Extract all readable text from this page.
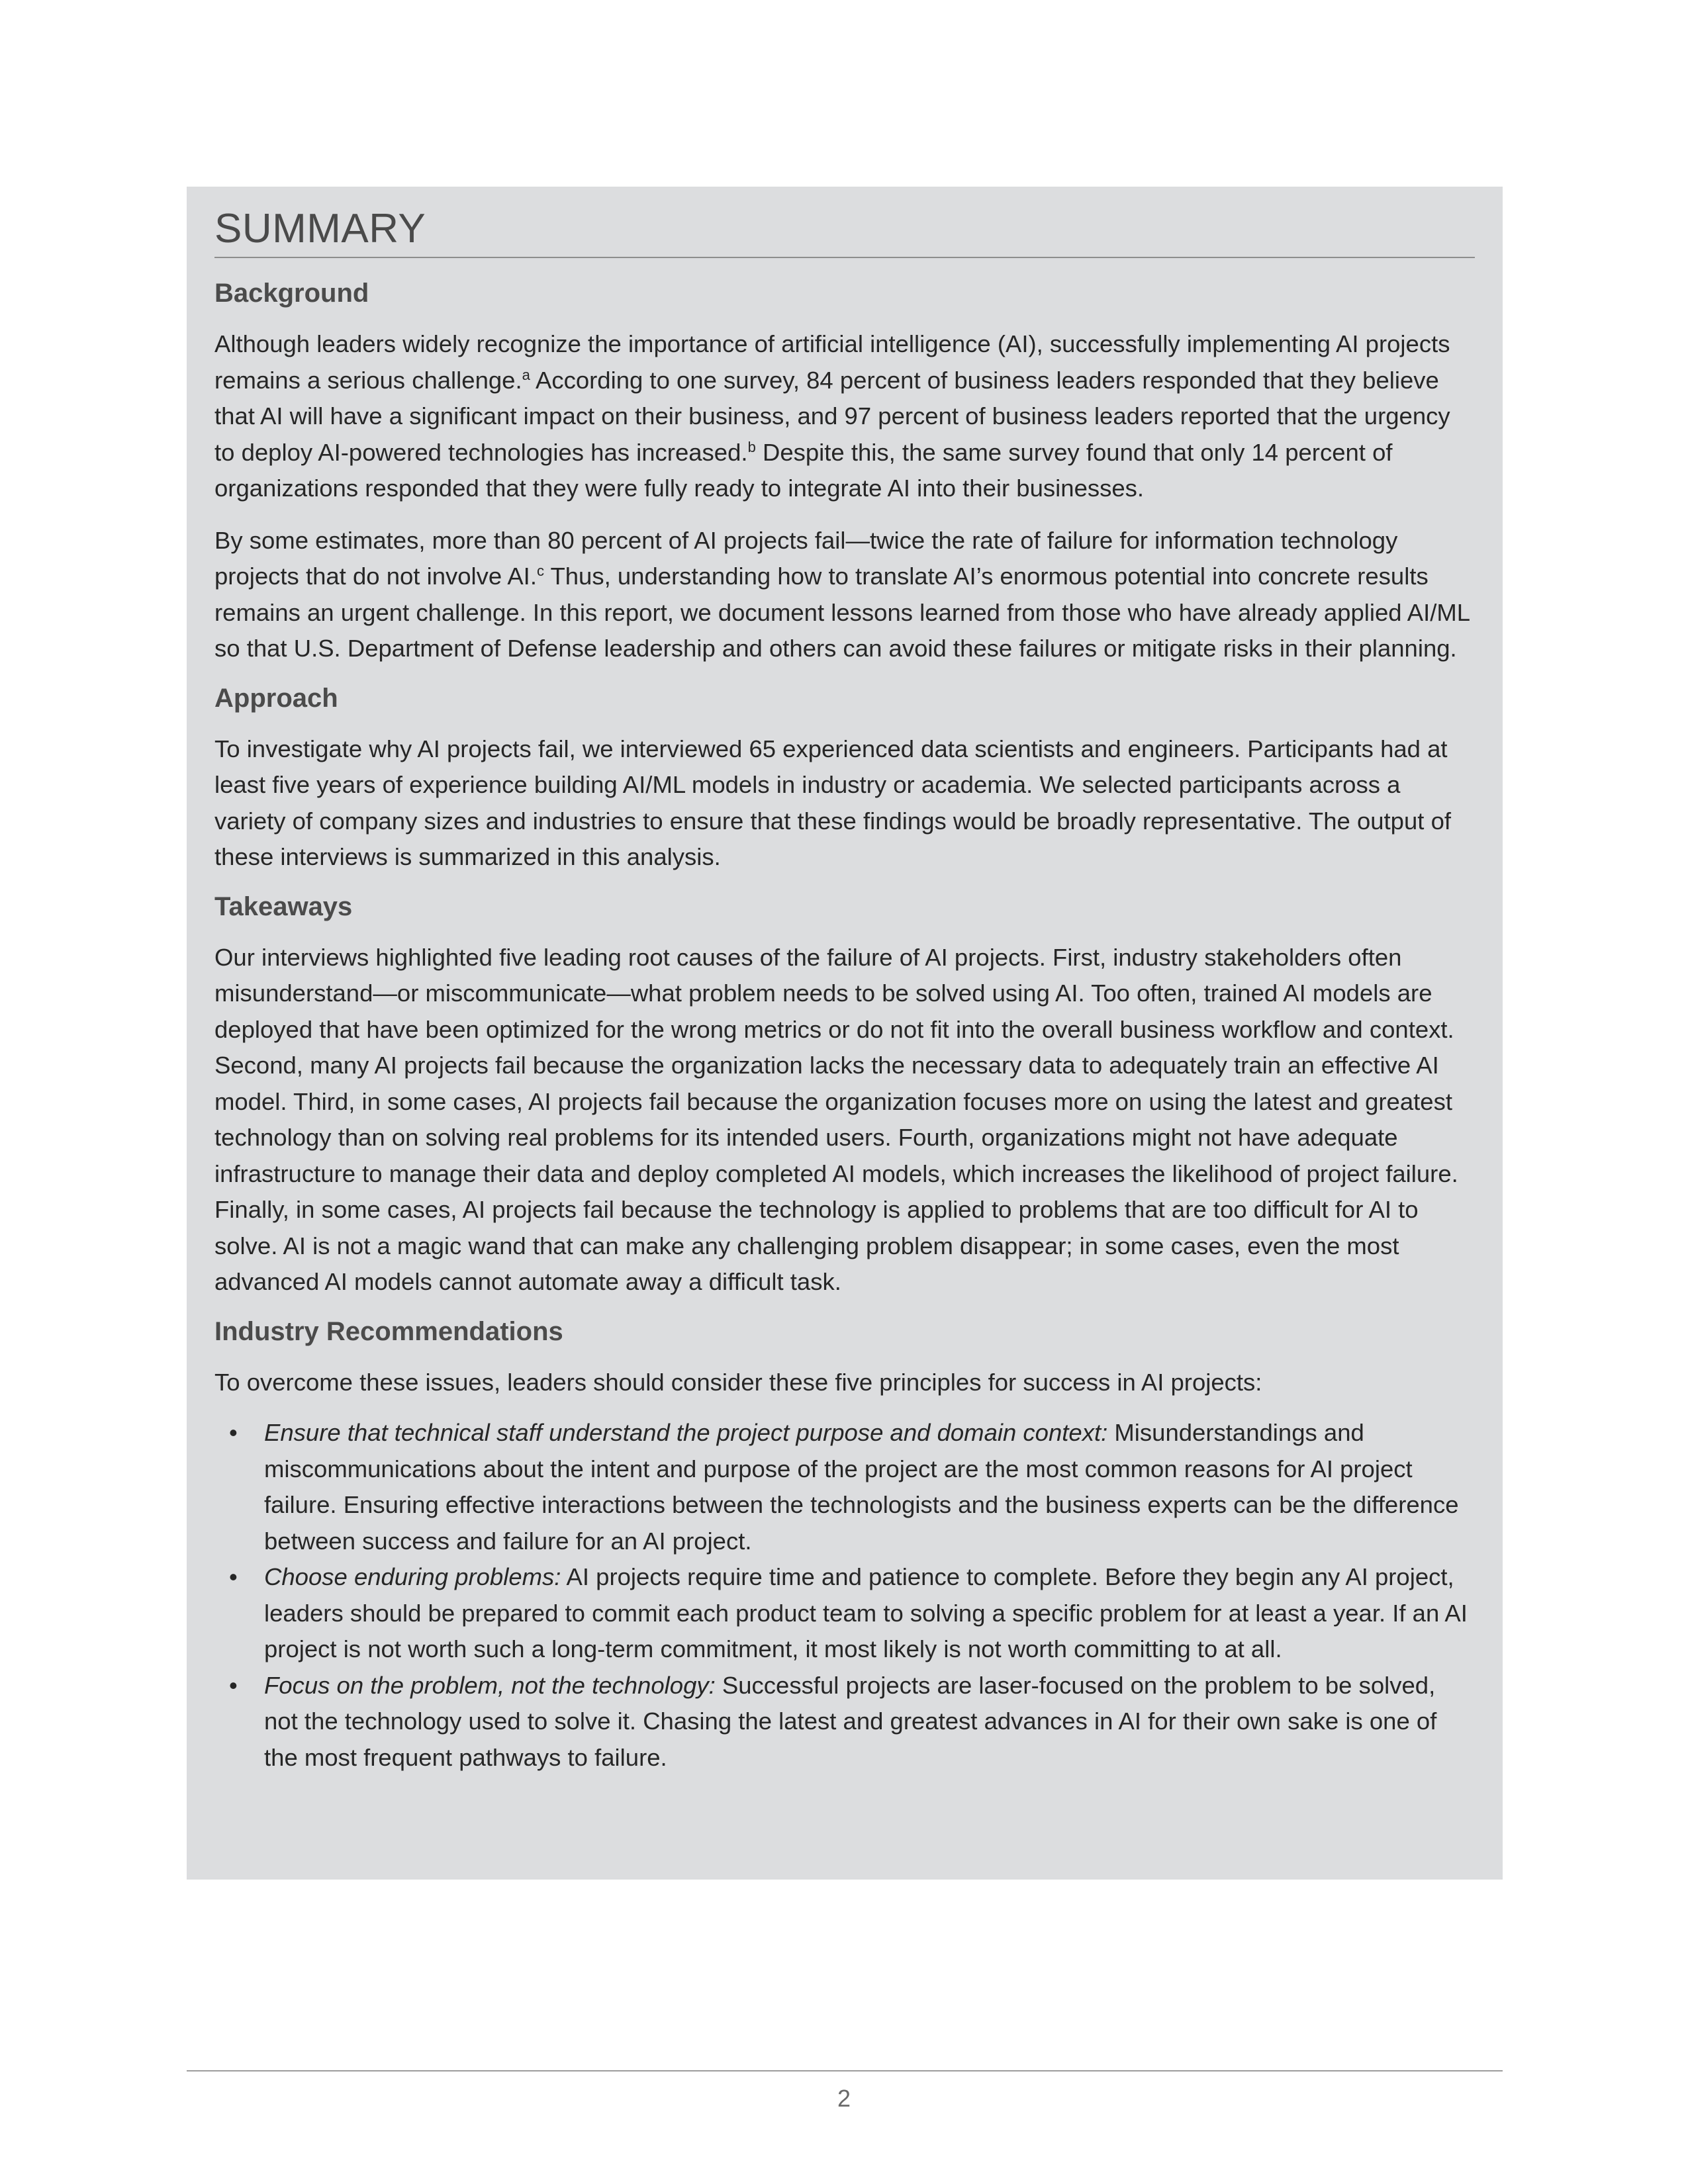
SUMMARY
Background

Although leaders widely recognize the importance of artificial intelligence (AI), successfully implementing AI projects remains a serious challenge.$^a$ According to one survey, 84 percent of business leaders responded that they believe that AI will have a significant impact on their business, and 97 percent of business leaders reported that the urgency to deploy AI-powered technologies has increased.$^b$ Despite this, the same survey found that only 14 percent of organizations responded that they were fully ready to integrate AI into their businesses.

By some estimates, more than 80 percent of AI projects fail—twice the rate of failure for information technology projects that do not involve AI.$^c$ Thus, understanding how to translate AI’s enormous potential into concrete results remains an urgent challenge. In this report, we document lessons learned from those who have already applied AI/ML so that U.S. Department of Defense leadership and others can avoid these failures or mitigate risks in their planning.

Approach

To investigate why AI projects fail, we interviewed 65 experienced data scientists and engineers. Participants had at least five years of experience building AI/ML models in industry or academia. We selected participants across a variety of company sizes and industries to ensure that these findings would be broadly representative. The output of these interviews is summarized in this analysis.

Takeaways

Our interviews highlighted five leading root causes of the failure of AI projects. First, industry stakeholders often misunderstand—or miscommunicate—what problem needs to be solved using AI. Too often, trained AI models are deployed that have been optimized for the wrong metrics or do not fit into the overall business workflow and context. Second, many AI projects fail because the organization lacks the necessary data to adequately train an effective AI model. Third, in some cases, AI projects fail because the organization focuses more on using the latest and greatest technology than on solving real problems for its intended users. Fourth, organizations might not have adequate infrastructure to manage their data and deploy completed AI models, which increases the likelihood of project failure. Finally, in some cases, AI projects fail because the technology is applied to problems that are too difficult for AI to solve. AI is not a magic wand that can make any challenging problem disappear; in some cases, even the most advanced AI models cannot automate away a difficult task.

Industry Recommendations

To overcome these issues, leaders should consider these five principles for success in AI projects:

• Ensure that technical staff understand the project purpose and domain context: Misunderstandings and miscommunications about the intent and purpose of the project are the most common reasons for AI project failure. Ensuring effective interactions between the technologists and the business experts can be the difference between success and failure for an AI project.
• Choose enduring problems: AI projects require time and patience to complete. Before they begin any AI project, leaders should be prepared to commit each product team to solving a specific problem for at least a year. If an AI project is not worth such a long-term commitment, it most likely is not worth committing to at all.
• Focus on the problem, not the technology: Successful projects are laser-focused on the problem to be solved, not the technology used to solve it. Chasing the latest and greatest advances in AI for their own sake is one of the most frequent pathways to failure.
2
